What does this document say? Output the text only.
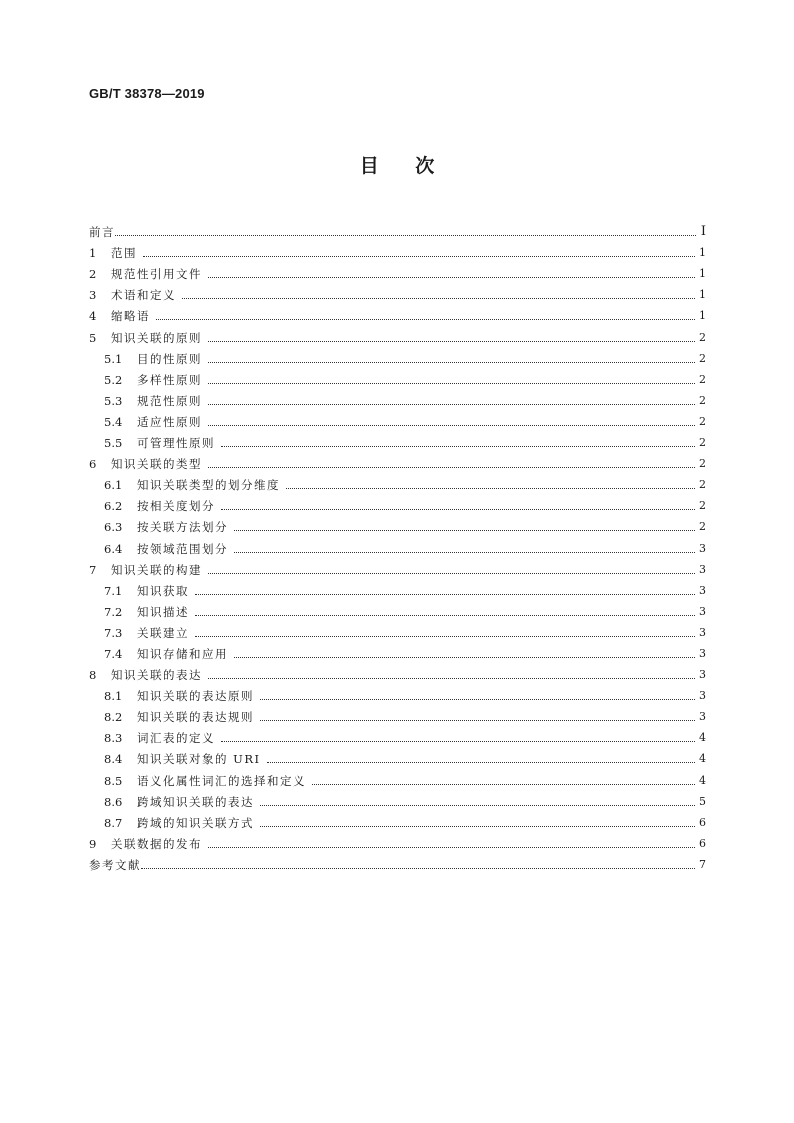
GB/T 38378—2019
目 次
前言	Ⅰ
1	范围	1
2	规范性引用文件	1
3	术语和定义	1
4	缩略语	1
5	知识关联的原则	2
5.1	目的性原则	2
5.2	多样性原则	2
5.3	规范性原则	2
5.4	适应性原则	2
5.5	可管理性原则	2
6	知识关联的类型	2
6.1	知识关联类型的划分维度	2
6.2	按相关度划分	2
6.3	按关联方法划分	2
6.4	按领域范围划分	3
7	知识关联的构建	3
7.1	知识获取	3
7.2	知识描述	3
7.3	关联建立	3
7.4	知识存储和应用	3
8	知识关联的表达	3
8.1	知识关联的表达原则	3
8.2	知识关联的表达规则	3
8.3	词汇表的定义	4
8.4	知识关联对象的 URI	4
8.5	语义化属性词汇的选择和定义	4
8.6	跨域知识关联的表达	5
8.7	跨域的知识关联方式	6
9	关联数据的发布	6
参考文献	7
